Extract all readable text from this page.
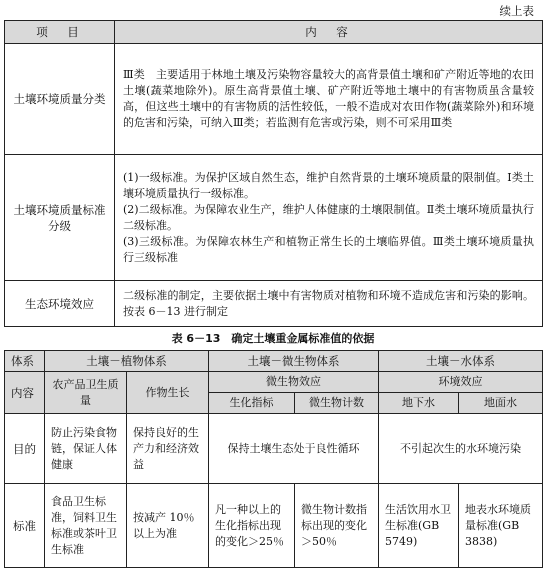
续上表
项　目	内　容
土壤环境质量分类	Ⅲ类　主要适用于林地土壤及污染物容量较大的高背景值土壤和矿产附近等地的农田土壤(蔬菜地除外)。原生高背景值土壤、矿产附近等地土壤中的有害物质虽含量较高，但这些土壤中的有害物质的活性较低，一般不造成对农田作物(蔬菜除外)和环境的危害和污染，可纳入Ⅲ类；若监测有危害或污染，则不可采用Ⅲ类

土壤环境质量标准分级	(1)一级标准。为保护区域自然生态，维护自然背景的土壤环境质量的限制值。Ⅰ类土壤环境质量执行一级标准。

(2)二级标准。为保障农业生产，维护人体健康的土壤限制值。Ⅱ类土壤环境质量执行二级标准。

(3)三级标准。为保障农林生产和植物正常生长的土壤临界值。Ⅲ类土壤环境质量执行三级标准

生态环境效应	二级标准的制定，主要依据土壤中有害物质对植物和环境不造成危害和污染的影响。按表 6－13 进行制定

表 6－13　确定土壤重金属标准值的依据
体系	土壤－植物体系		土壤－微生物体系		土壤－水体系	
内容	农产品卫生质量	作物生长	微生物效应		环境效应	
			生化指标	微生物计数	地下水	地面水
目的	防止污染食物链，保证人体健康	保持良好的生产力和经济效益	保持土壤生态处于良性循环		不引起次生的水环境污染	
标准	食品卫生标准，饲料卫生标准或茶叶卫生标准	按减产 10％以上为准	凡一种以上的生化指标出现的变化＞25％	微生物计数指标出现的变化＞50％	生活饮用水卫生标准(GB 5749)	地表水环境质量标准(GB 3838)
